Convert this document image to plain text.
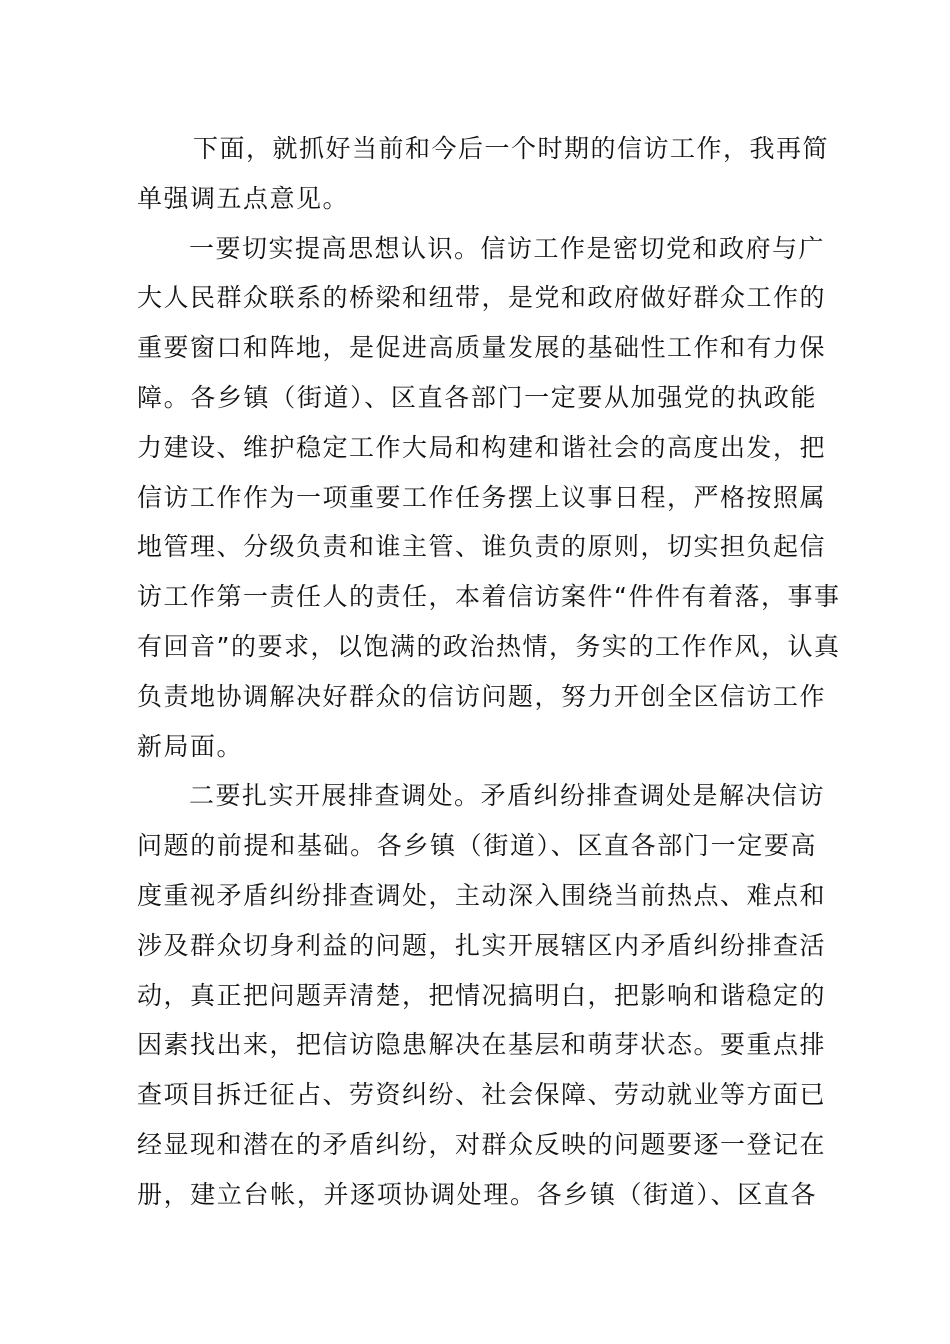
下面，就抓好当前和今后一个时期的信访工作，我再简
单强调五点意见。
一要切实提高思想认识。信访工作是密切党和政府与广
大人民群众联系的桥梁和纽带，是党和政府做好群众工作的
重要窗口和阵地，是促进高质量发展的基础性工作和有力保
障。各乡镇（街道）、区直各部门一定要从加强党的执政能
力建设、维护稳定工作大局和构建和谐社会的高度出发，把
信访工作作为一项重要工作任务摆上议事日程，严格按照属
地管理、分级负责和谁主管、谁负责的原则，切实担负起信
访工作第一责任人的责任，本着信访案件“件件有着落，事事
有回音”的要求，以饱满的政治热情，务实的工作作风，认真
负责地协调解决好群众的信访问题，努力开创全区信访工作
新局面。
二要扎实开展排查调处。矛盾纠纷排查调处是解决信访
问题的前提和基础。各乡镇（街道）、区直各部门一定要高
度重视矛盾纠纷排查调处，主动深入围绕当前热点、难点和
涉及群众切身利益的问题，扎实开展辖区内矛盾纠纷排查活
动，真正把问题弄清楚，把情况搞明白，把影响和谐稳定的
因素找出来，把信访隐患解决在基层和萌芽状态。要重点排
查项目拆迁征占、劳资纠纷、社会保障、劳动就业等方面已
经显现和潜在的矛盾纠纷，对群众反映的问题要逐一登记在
册，建立台帐，并逐项协调处理。各乡镇（街道）、区直各
